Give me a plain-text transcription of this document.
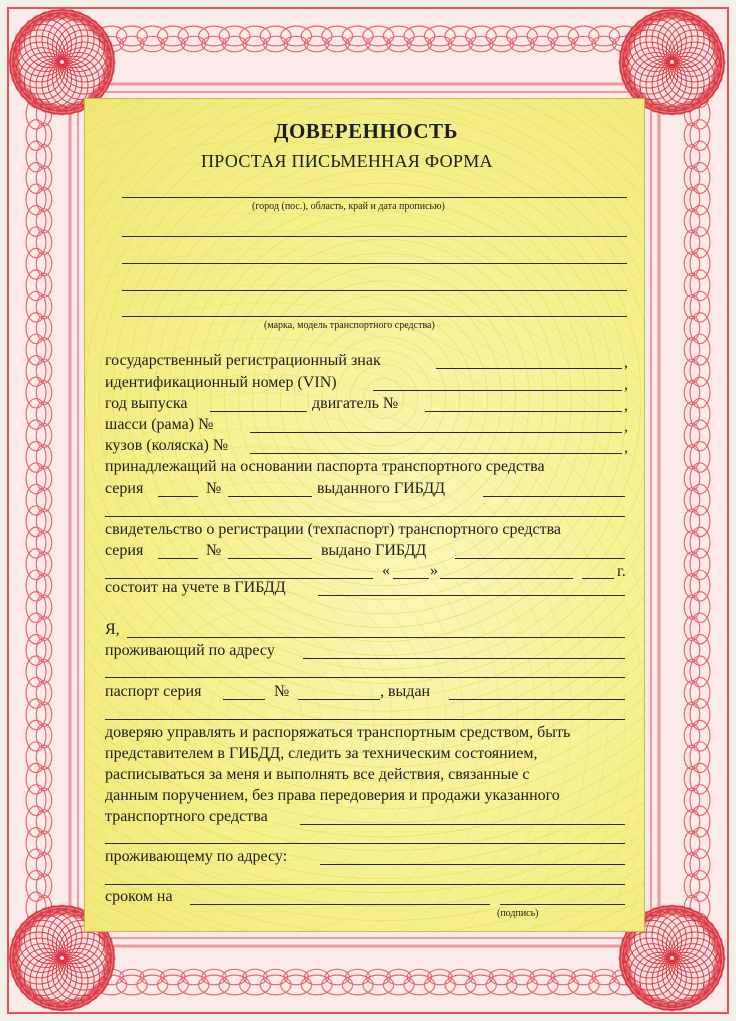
ДОВЕРЕННОСТЬ
ПРОСТАЯ ПИСЬМЕННАЯ ФОРМА
(город (пос.), область, край и дата прописью)
(марка, модель транспортного средства)
государственный регистрационный знак	,
идентификационный номер (VIN)	,
год выпуска	двигатель №	,
шасси (рама) №	,
кузов (коляска) №	,
принадлежащий на основании паспорта транспортного средства
серия	№	выданного ГИБДД
свидетельство о регистрации (техпаспорт) транспортного средства
серия	№	выдано ГИБДД
«	»	г.
состоит на учете в ГИБДД
Я,
проживающий по адресу
паспорт серия	№	, выдан
доверяю управлять и распоряжаться транспортным средством, быть
представителем в ГИБДД, следить за техническим состоянием,
расписываться за меня и выполнять все действия, связанные с
данным поручением, без права передоверия и продажи указанного
транспортного средства
проживающему по адресу:
сроком на
(подпись)
